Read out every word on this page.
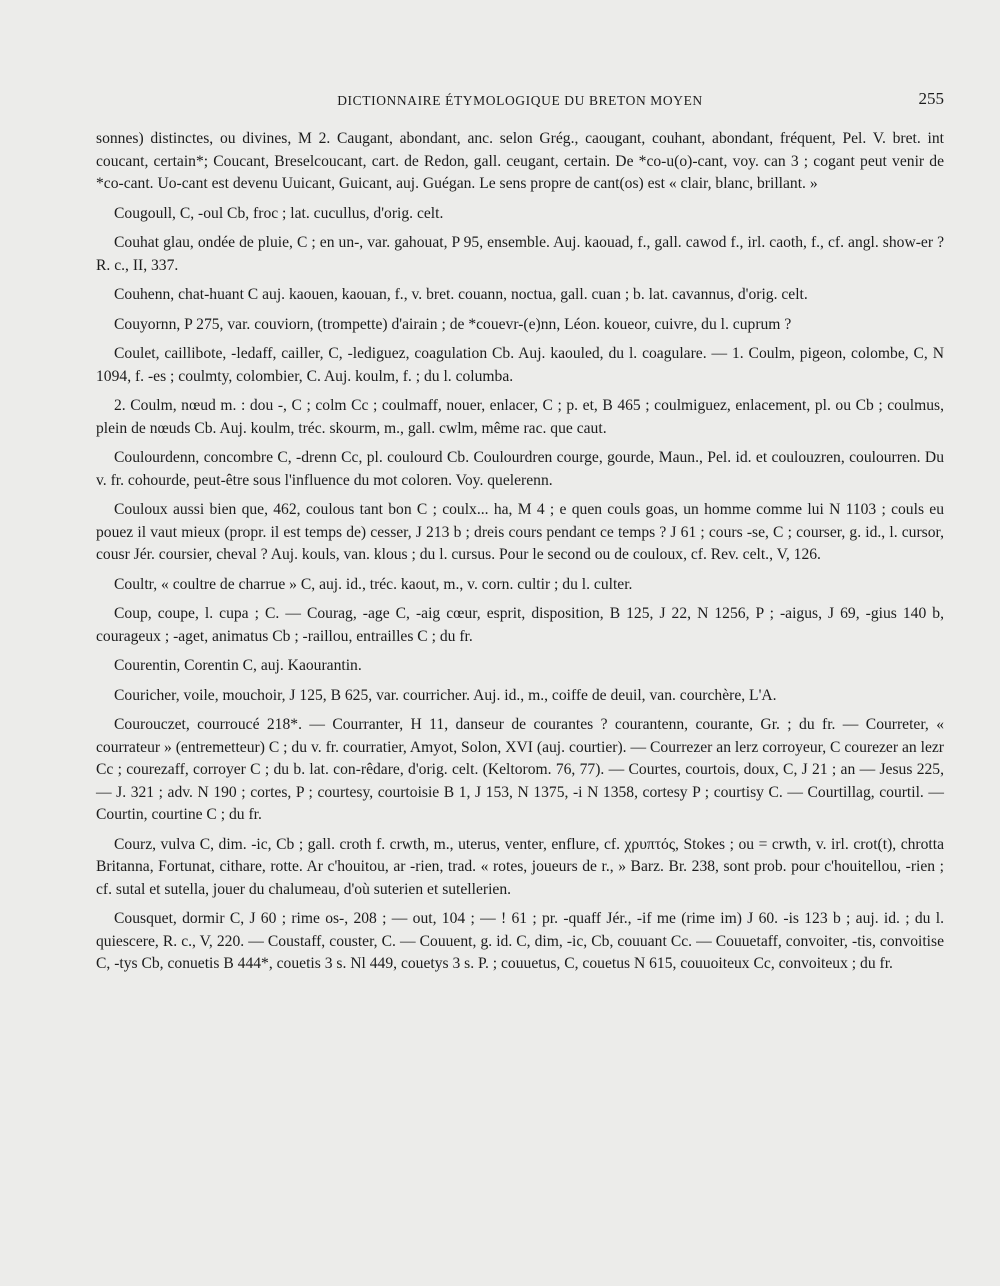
DICTIONNAIRE ÉTYMOLOGIQUE DU BRETON MOYEN	255

sonnes) distinctes, ou divines, M 2. Caugant, abondant, anc. selon Grég., caougant, couhant, abondant, fréquent, Pel. V. bret. int coucant, certain*; Coucant, Breselcoucant, cart. de Redon, gall. ceugant, certain. De *co-u(o)-cant, voy. can 3 ; cogant peut venir de *co-cant. Uo-cant est devenu Uuicant, Guicant, auj. Guégan. Le sens propre de cant(os) est « clair, blanc, brillant. »

Cougoull, C, -oul Cb, froc ; lat. cucullus, d'orig. celt.

Couhat glau, ondée de pluie, C ; en un-, var. gahouat, P 95, ensemble. Auj. kaouad, f., gall. cawod f., irl. caoth, f., cf. angl. show-er ? R. c., II, 337.

Couhenn, chat-huant C auj. kaouen, kaouan, f., v. bret. couann, noctua, gall. cuan ; b. lat. cavannus, d'orig. celt.

Couyornn, P 275, var. couviorn, (trompette) d'airain ; de *couevr-(e)nn, Léon. koueor, cuivre, du l. cuprum ?

Coulet, caillibote, -ledaff, cailler, C, -lediguez, coagulation Cb. Auj. kaouled, du l. coagulare. — 1. Coulm, pigeon, colombe, C, N 1094, f. -es ; coulmty, colombier, C. Auj. koulm, f. ; du l. columba.

2. Coulm, nœud m. : dou -, C ; colm Cc ; coulmaff, nouer, enlacer, C ; p. et, B 465 ; coulmiguez, enlacement, pl. ou Cb ; coulmus, plein de nœuds Cb. Auj. koulm, tréc. skourm, m., gall. cwlm, même rac. que caut.

Coulourdenn, concombre C, -drenn Cc, pl. coulourd Cb. Coulourdren courge, gourde, Maun., Pel. id. et coulouzren, coulourren. Du v. fr. cohourde, peut-être sous l'influence du mot coloren. Voy. quelerenn.

Couloux aussi bien que, 462, coulous tant bon C ; coulx... ha, M 4 ; e quen couls goas, un homme comme lui N 1103 ; couls eu pouez il vaut mieux (propr. il est temps de) cesser, J 213 b ; dreis cours pendant ce temps ? J 61 ; cours -se, C ; courser, g. id., l. cursor, cousr Jér. coursier, cheval ? Auj. kouls, van. klous ; du l. cursus. Pour le second ou de couloux, cf. Rev. celt., V, 126.

Coultr, « coultre de charrue » C, auj. id., tréc. kaout, m., v. corn. cultir ; du l. culter.

Coup, coupe, l. cupa ; C. — Courag, -age C, -aig cœur, esprit, disposition, B 125, J 22, N 1256, P ; -aigus, J 69, -gius 140 b, courageux ; -aget, animatus Cb ; -raillou, entrailles C ; du fr.

Courentin, Corentin C, auj. Kaourantin.

Couricher, voile, mouchoir, J 125, B 625, var. courricher. Auj. id., m., coiffe de deuil, van. courchère, L'A.

Courouczet, courroucé 218*. — Courranter, H 11, danseur de courantes ? courantenn, courante, Gr. ; du fr. — Courreter, « courrateur » (entremetteur) C ; du v. fr. courratier, Amyot, Solon, XVI (auj. courtier). — Courrezer an lerz corroyeur, C courezer an lezr Cc ; courezaff, corroyer C ; du b. lat. con-rêdare, d'orig. celt. (Keltorom. 76, 77). — Courtes, courtois, doux, C, J 21 ; an — Jesus 225, — J. 321 ; adv. N 190 ; cortes, P ; courtesy, courtoisie B 1, J 153, N 1375, -i N 1358, cortesy P ; courtisy C. — Courtillag, courtil. — Courtin, courtine C ; du fr.

Courz, vulva C, dim. -ic, Cb ; gall. croth f. crwth, m., uterus, venter, enflure, cf. χρυπτός, Stokes ; ou = crwth, v. irl. crot(t), chrotta Britanna, Fortunat, cithare, rotte. Ar c'houitou, ar -rien, trad. « rotes, joueurs de r., » Barz. Br. 238, sont prob. pour c'houitellou, -rien ; cf. sutal et sutella, jouer du chalumeau, d'où suterien et sutellerien.

Cousquet, dormir C, J 60 ; rime os-, 208 ; — out, 104 ; — ! 61 ; pr. -quaff Jér., -if me (rime im) J 60. -is 123 b ; auj. id. ; du l. quiescere, R. c., V, 220. — Coustaff, couster, C. — Couuent, g. id. C, dim, -ic, Cb, couuant Cc. — Couuetaff, convoiter, -tis, convoitise C, -tys Cb, conuetis B 444*, couetis 3 s. Nl 449, couetys 3 s. P. ; couuetus, C, couetus N 615, couuoiteux Cc, convoiteux ; du fr.
